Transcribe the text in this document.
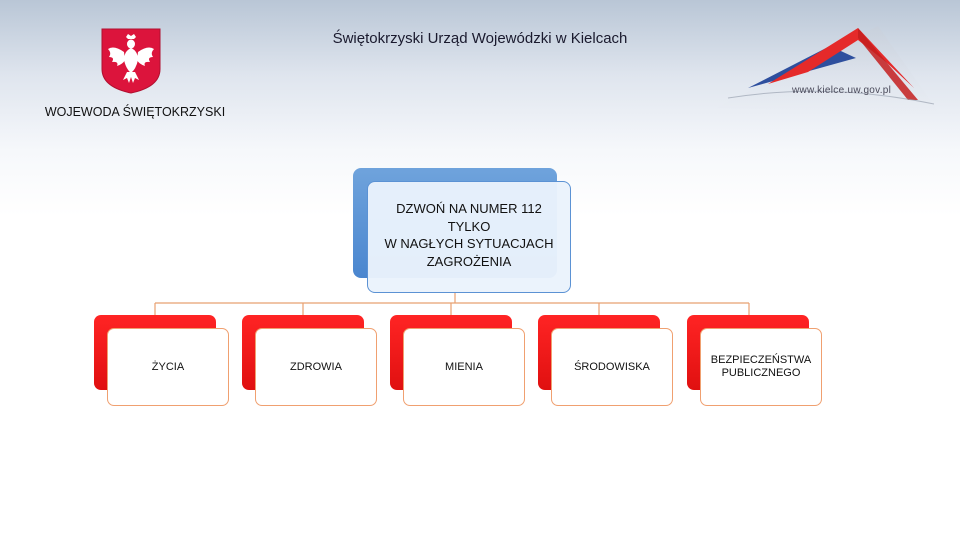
Świętokrzyski Urząd Wojewódzki w Kielcach
WOJEWODA ŚWIĘTOKRZYSKI
www.kielce.uw.gov.pl
DZWOŃ NA NUMER 112
TYLKO
W NAGŁYCH SYTUACJACH
ZAGROŻENIA
ŻYCIA	ZDROWIA	MIENIA	ŚRODOWISKA
BEZPIECZEŃSTWA PUBLICZNEGO
